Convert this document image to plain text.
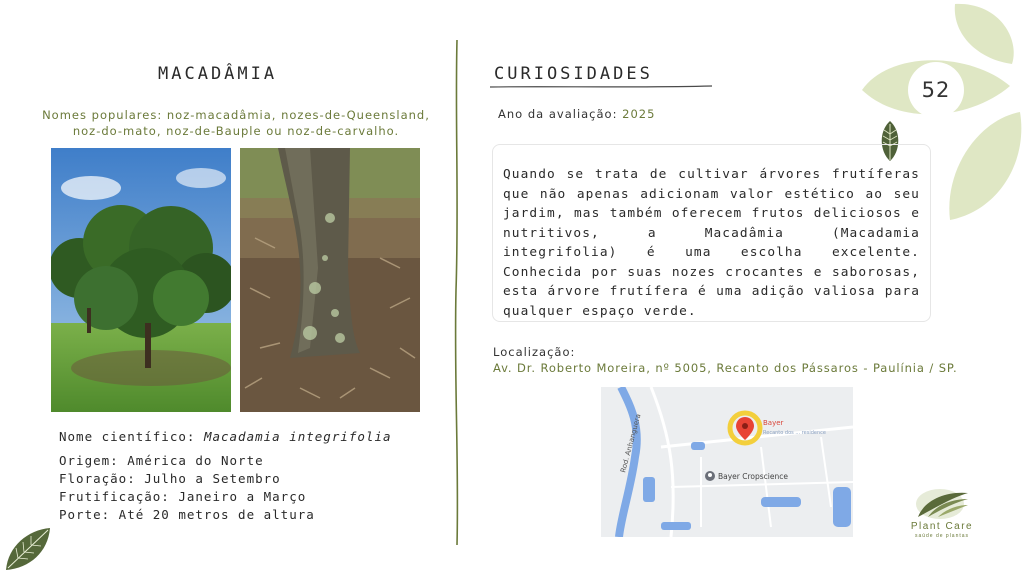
52
MACADÂMIA
Nomes populares: noz-macadâmia, nozes-de-Queensland, noz-do-mato, noz-de-Bauple ou noz-de-carvalho.
Nome científico: Macadamia integrifolia
Origem: América do Norte
Floração: Julho a Setembro
Frutificação: Janeiro a Março
Porte: Até 20 metros de altura
CURIOSIDADES
Ano da avaliação: 2025
Quando se trata de cultivar árvores frutíferas que não apenas adicionam valor estético ao seu jardim, mas também oferecem frutos deliciosos e nutritivos, a Macadâmia (Macadamia integrifolia) é uma escolha excelente. Conhecida por suas nozes crocantes e saborosas, esta árvore frutífera é uma adição valiosa para qualquer espaço verde.
Localização:
Av. Dr. Roberto Moreira, nº 5005, Recanto dos Pássaros - Paulínia / SP.
Rod. Anhanguera	Bayer
Recanto dos ... residence
Bayer Cropscience
Plant Care
saúde de plantas
